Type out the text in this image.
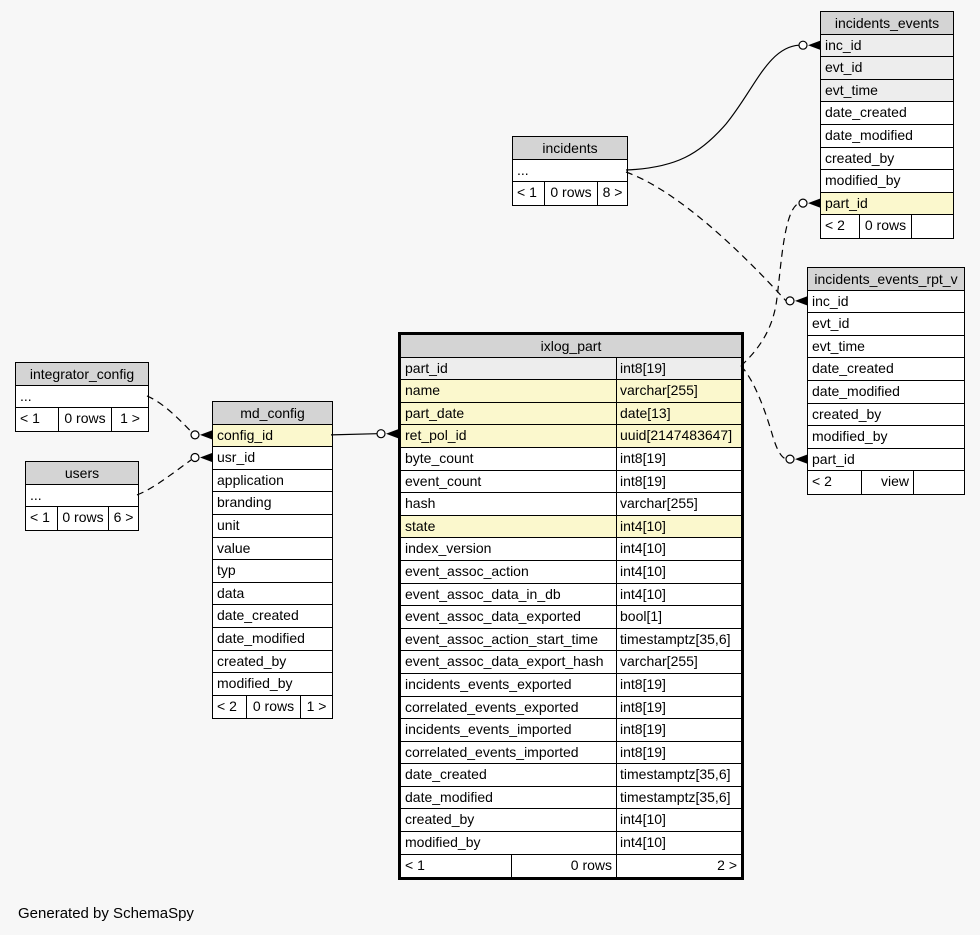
incidents_events
inc_id
evt_id
evt_time
date_created
date_modified
created_by
modified_by
part_id
< 2	0 rows
incidents
...
< 1 0 rows 8 >
incidents_events_rpt_v
inc_id
evt_id
evt_time
date_created
date_modified
created_by
modified_by
part_id
< 2	view
integrator_config
...
< 1	0 rows	1 >
users
...
< 1 0 rows 6 >
md_config
config_id
usr_id
application
branding
unit
value
typ
data
date_created
date_modified
created_by
modified_by
< 2	0 rows 1 >
ixlog_part
part_id	int8[19]
name	varchar[255]
part_date	date[13]
ret_pol_id	uuid[2147483647]
byte_count	int8[19]
event_count	int8[19]
hash	varchar[255]
state	int4[10]
index_version	int4[10]
event_assoc_action	int4[10]
event_assoc_data_in_db	int4[10]
event_assoc_data_exported	bool[1]
event_assoc_action_start_time	timestamptz[35,6]
event_assoc_data_export_hash	varchar[255]
incidents_events_exported	int8[19]
correlated_events_exported	int8[19]
incidents_events_imported	int8[19]
correlated_events_imported	int8[19]
date_created	timestamptz[35,6]
date_modified	timestamptz[35,6]
created_by	int4[10]
modified_by	int4[10]
< 1	0 rows	2 >
Generated by SchemaSpy
